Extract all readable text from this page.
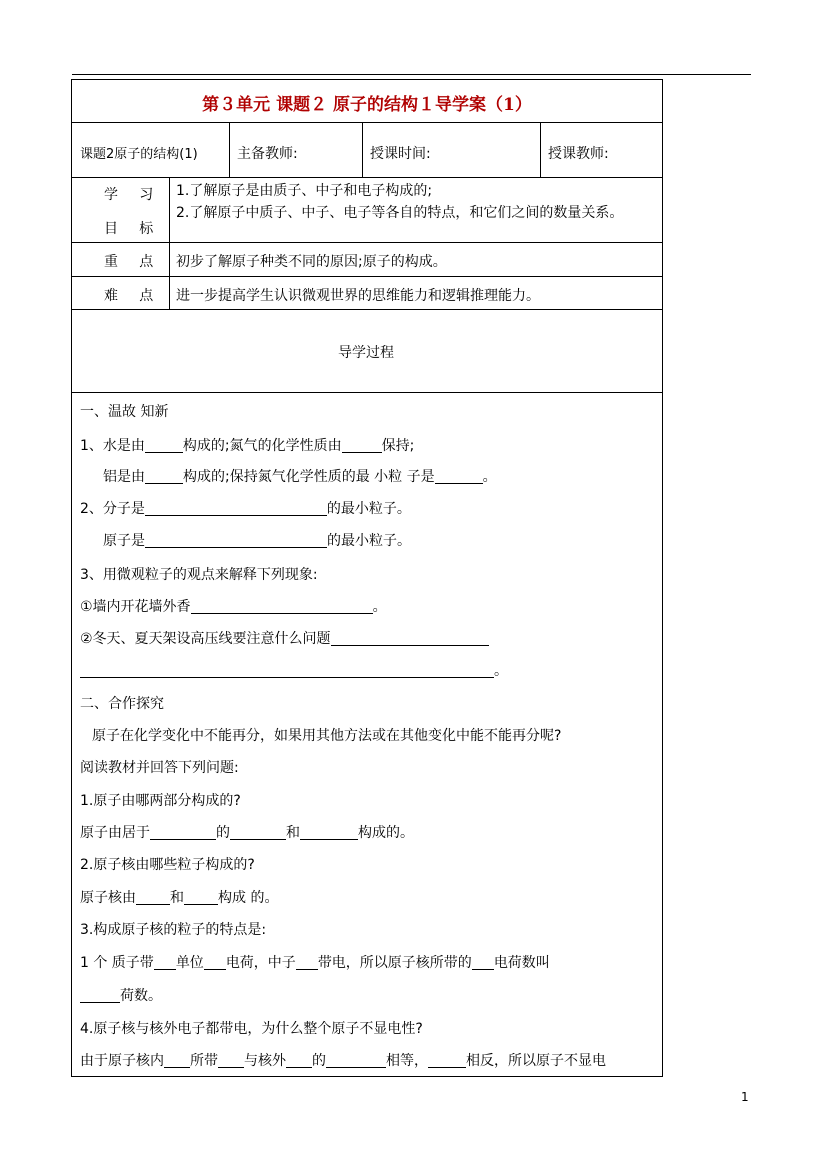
第３单元 课题２ 原子的结构１导学案（1）
课题2原子的结构(1)	主备教师:	授课时间:	授课教师:
学 习
目 标
1.了解原子是由质子、中子和电子构成的;
2.了解原子中质子、中子、电子等各自的特点，和它们之间的数量关系。
重 点 初步了解原子种类不同的原因;原子的构成。
难 点 进一步提高学生认识微观世界的思维能力和逻辑推理能力。
导学过程
一、温故 知新
1、水是由	构成的;氮气的化学性质由	保持;
铝是由	构成的;保持氮气化学性质的最 小粒 子是	。
2、分子是	的最小粒子。
原子是	的最小粒子。
3、用微观粒子的观点来解释下列现象:
①墙内开花墙外香	。
②冬天、夏天架设高压线要注意什么问题
。
二、合作探究
原子在化学变化中不能再分，如果用其他方法或在其他变化中能不能再分呢?
阅读教材并回答下列问题:
1.原子由哪两部分构成的?
原子由居于	的	和	构成的。
2.原子核由哪些粒子构成的?
原子核由 和 构成 的。
3.构成原子核的粒子的特点是:
1 个 质子带 单位 电荷，中子 带电，所以原子核所带的 电荷数叫
荷数。
4.原子核与核外电子都带电，为什么整个原子不显电性?
由于原子核内 所带 与核外 的	相等，	相反，所以原子不显电
1
